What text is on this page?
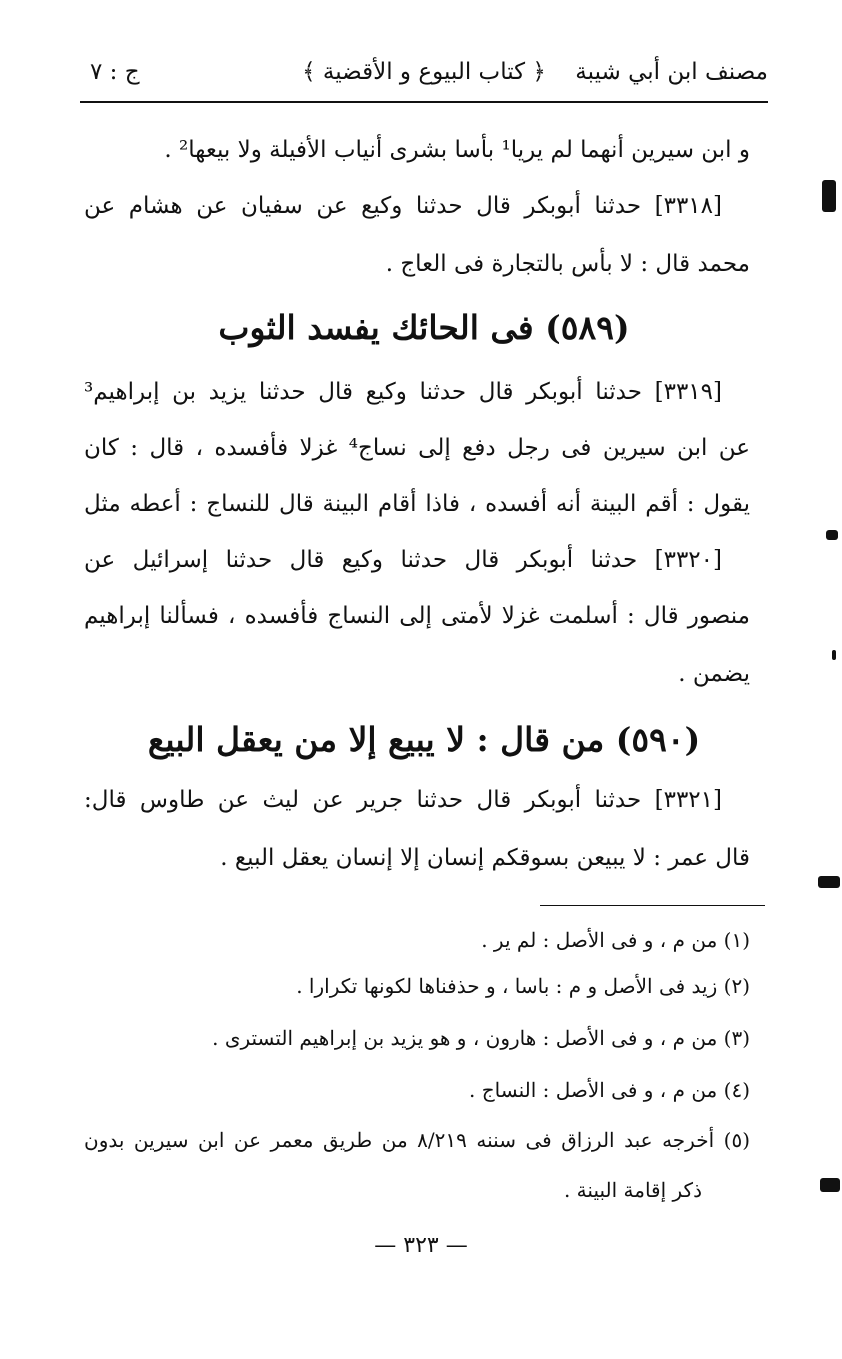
مصنف ابن أبي شيبة
﴿ كتاب البيوع و الأقضية ﴾
ج : ٧
و ابن سيرين أنهما لم يريا¹ بأسا بشرى أنياب الأفيلة ولا بيعها² .
[٣٣١٨] حدثنا أبوبكر قال حدثنا وكيع عن سفيان عن هشام عن
محمد قال : لا بأس بالتجارة فى العاج .
(٥٨٩) فى الحائك يفسد الثوب
[٣٣١٩] حدثنا أبوبكر قال حدثنا وكيع قال حدثنا يزيد بن إبراهيم³
عن ابن سيرين فى رجل دفع إلى نساج⁴ غزلا فأفسده ، قال : كان
يقول : أقم البينة أنه أفسده ، فاذا أقام البينة قال للنساج : أعطه مثل
[٣٣٢٠] حدثنا أبوبكر قال حدثنا وكيع قال حدثنا إسرائيل عن
منصور قال : أسلمت غزلا لأمتى إلى النساج فأفسده ، فسألنا إبراهيم
يضمن .
(٥٩٠) من قال : لا يبيع إلا من يعقل البيع
[٣٣٢١] حدثنا أبوبكر قال حدثنا جرير عن ليث عن طاوس قال:
قال عمر : لا يبيعن بسوقكم إنسان إلا إنسان يعقل البيع .
(١) من م ، و فى الأصل : لم ير .
(٢) زيد فى الأصل و م : باسا ، و حذفناها لكونها تكرارا .
(٣) من م ، و فى الأصل : هارون ، و هو يزيد بن إبراهيم التسترى .
(٤) من م ، و فى الأصل : النساج .
(٥) أخرجه عبد الرزاق فى سننه ٨/٢١٩ من طريق معمر عن ابن سيرين بدون
ذكر إقامة البينة .
— ٣٢٣ —
